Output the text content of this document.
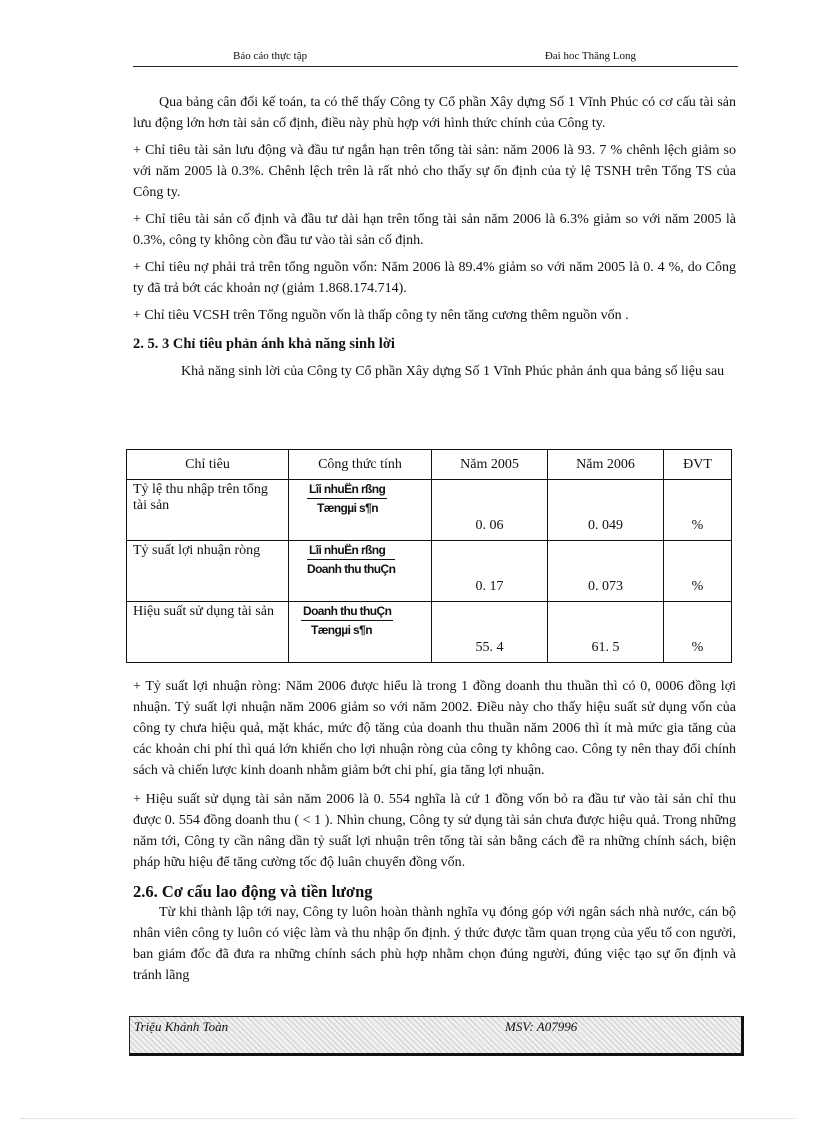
Báo cáo thực tập	Đai hoc Thăng Long

Qua bảng cân đối kế toán, ta có thể thấy Công ty Cổ phần Xây dựng Số 1 Vĩnh Phúc có cơ cấu tài sản lưu động lớn hơn tài sản cố định, điều này phù hợp với hình thức chính của Công ty.

+ Chỉ tiêu tài sản lưu động và đầu tư ngắn hạn trên tổng tài sản: năm 2006 là 93. 7 % chênh lệch giảm so với năm 2005 là 0.3%. Chênh lệch trên là rất nhỏ cho thấy sự ổn định của tỷ lệ TSNH trên Tổng TS của Công ty.

+ Chỉ tiêu tài sản cố định và đầu tư dài hạn trên tổng tài sản năm 2006 là 6.3% giảm so với năm 2005 là 0.3%, công ty không còn đầu tư vào tài sản cố định.

+ Chỉ tiêu nợ phải trả trên tổng nguồn vốn: Năm 2006 là 89.4% giảm so với năm 2005 là 0. 4 %, do Công ty đã trả bớt các khoản nợ (giảm 1.868.174.714).

+ Chỉ tiêu VCSH trên Tổng nguồn vốn là thấp công ty nên tăng cương thêm nguồn vốn .

2. 5. 3 Chỉ tiêu phản ánh khả năng sinh lời

Khả năng sinh lời của Công ty Cổ phần Xây dựng Số 1 Vĩnh Phúc phản ánh qua bảng số liệu sau

Chỉ tiêu	Công thức tính	Năm 2005	Năm 2006	ĐVT
Tỷ lệ thu nhập trên tổng tài sản	$\frac{\text{Lîi nhuËn rßng}}{\text{Tængµi s¶n}}$	0. 06	0. 049	%
Tỷ suất lợi nhuận ròng	$\frac{\text{Lîi nhuËn rßng}}{\text{Doanh thu thuÇn}}$	0. 17	0. 073	%
Hiệu suất sử dụng tài sản	$\frac{\text{Doanh thu thuÇn}}{\text{Tængµi s¶n}}$	55. 4	61. 5	%

+ Tỷ suất lợi nhuận ròng: Năm 2006 được hiểu là trong 1 đồng doanh thu thuần thì có 0, 0006 đồng lợi nhuận. Tỷ suất lợi nhuận năm 2006 giảm so với năm 2002. Điều này cho thấy hiệu suất sử dụng vốn của công ty chưa hiệu quả, mặt khác, mức độ tăng của doanh thu thuần năm 2006 thì ít mà mức gia tăng của các khoản chi phí thì quá lớn khiến cho lợi nhuận ròng của công ty không cao. Công ty nên thay đổi chính sách và chiến lược kinh doanh nhằm giảm bớt chi phí, gia tăng lợi nhuận.

+ Hiệu suất sử dụng tài sản năm 2006 là 0. 554 nghĩa là cứ 1 đồng vốn bỏ ra đầu tư vào tài sản chỉ thu được 0. 554 đồng doanh thu ( < 1 ). Nhìn chung, Công ty sử dụng tài sản chưa được hiệu quả. Trong những năm tới, Công ty cần nâng dần tỷ suất lợi nhuận trên tổng tài sản bằng cách đề ra những chính sách, biện pháp hữu hiệu để tăng cường tốc độ luân chuyển đồng vốn.

2.6. Cơ cấu lao động và tiền lương

Từ khi thành lập tới nay, Công ty luôn hoàn thành nghĩa vụ đóng góp với ngân sách nhà nước, cán bộ nhân viên công ty luôn có việc làm và thu nhập ổn định. ý thức được tầm quan trọng của yếu tố con người, ban giám đốc đã đưa ra những chính sách phù hợp nhằm chọn đúng người, đúng việc tạo sự ổn định và tránh lãng

Triệu Khánh Toàn	MSV: A07996
